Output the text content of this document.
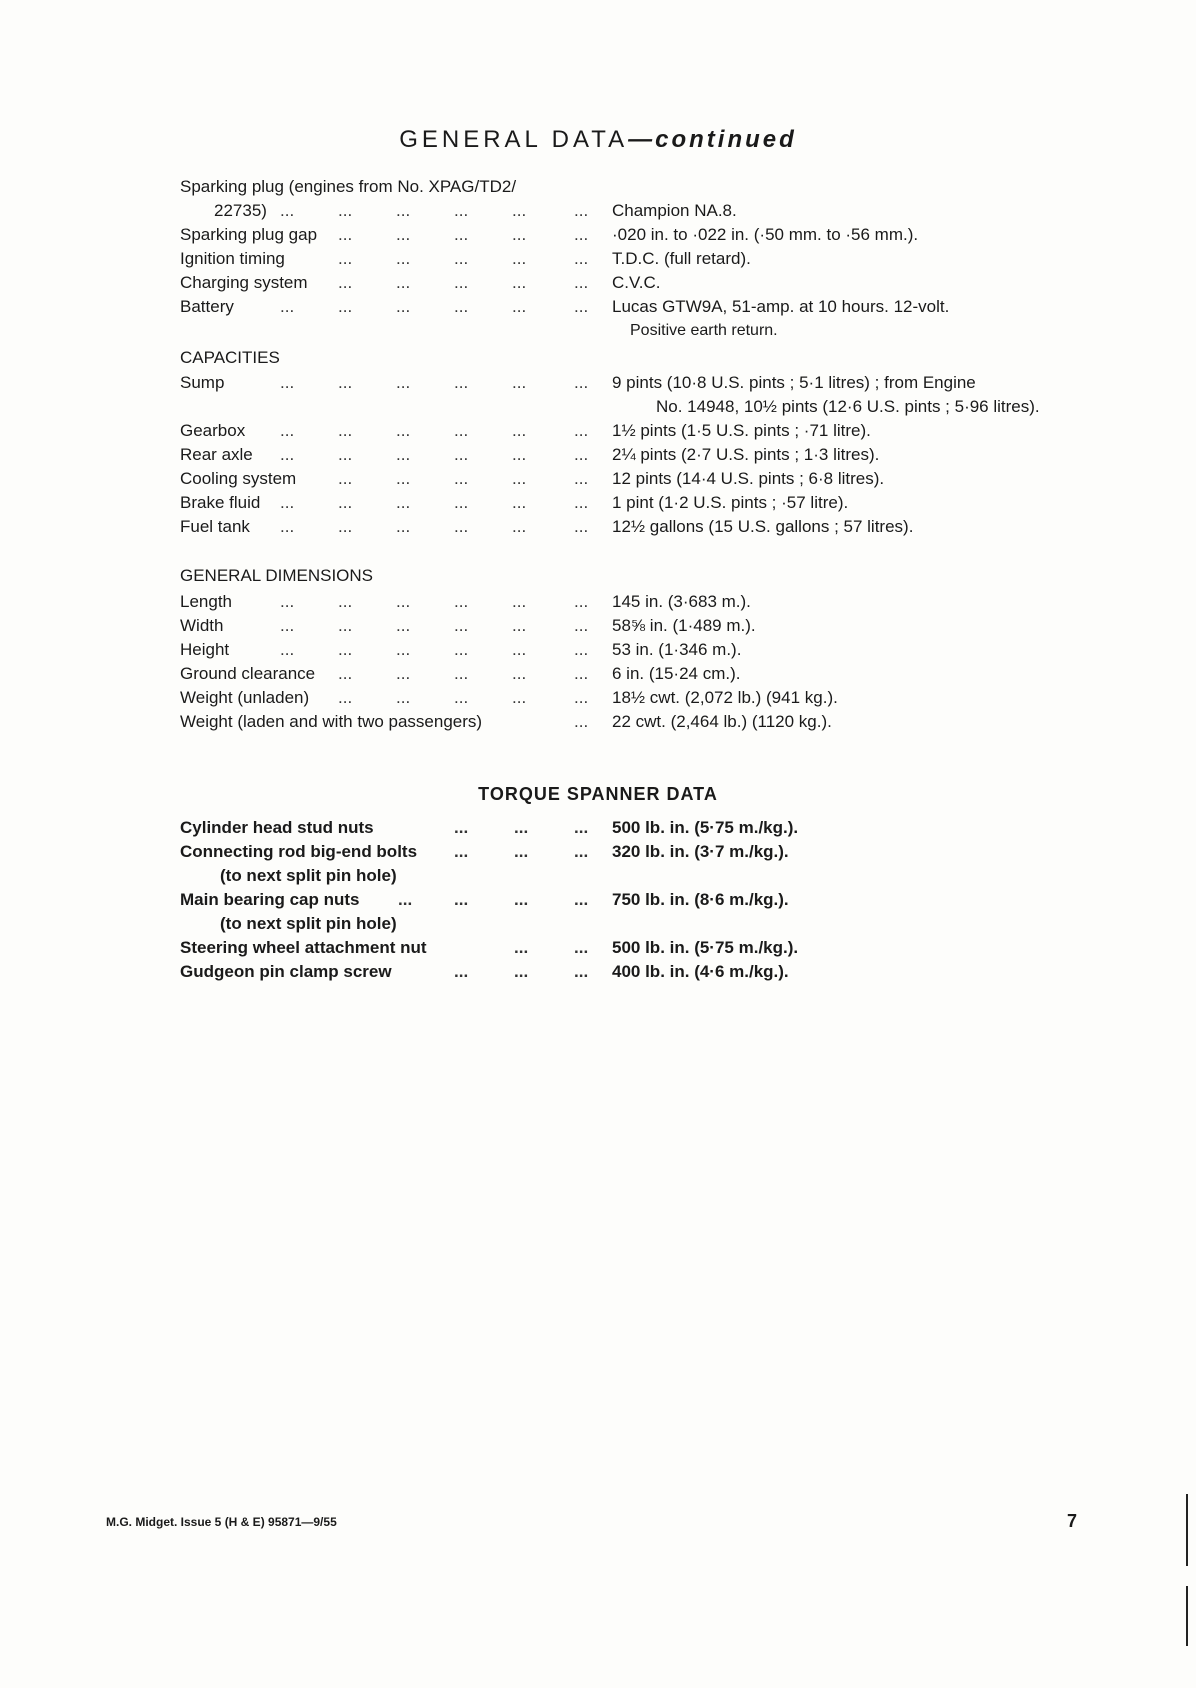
GENERAL DATA—continued
Sparking plug (engines from No. XPAG/TD2/
22735) ...	...	...	...	...	... Champion NA.8.
Sparking plug gap ...	...	...	...	... ·020 in. to ·022 in. (·50 mm. to ·56 mm.).
Ignition timing	...	...	...	...	... T.D.C. (full retard).
Charging system ...	...	...	...	... C.V.C.
Battery	...	...	...	...	...	... Lucas GTW9A, 51-amp. at 10 hours. 12-volt.
Positive earth return.
CAPACITIES
Sump	...	...	...	...	...	... 9 pints (10·8 U.S. pints ; 5·1 litres) ; from Engine
No. 14948, 10½ pints (12·6 U.S. pints ; 5·96 litres).
Gearbox ...	...	...	...	...	... 1½ pints (1·5 U.S. pints ; ·71 litre).
Rear axle ...	...	...	...	...	... 2¼ pints (2·7 U.S. pints ; 1·3 litres).
Cooling system ...	...	...	...	... 12 pints (14·4 U.S. pints ; 6·8 litres).
Brake fluid ...	...	...	...	...	... 1 pint (1·2 U.S. pints ; ·57 litre).
Fuel tank ...	...	...	...	...	... 12½ gallons (15 U.S. gallons ; 57 litres).
GENERAL DIMENSIONS
Length	...	...	...	...	...	... 145 in. (3·683 m.).
Width	...	...	...	...	...	... 58⅝ in. (1·489 m.).
Height	...	...	...	...	...	... 53 in. (1·346 m.).
Ground clearance ...	...	...	...	... 6 in. (15·24 cm.).
Weight (unladen) ...	...	...	...	... 18½ cwt. (2,072 lb.) (941 kg.).
Weight (laden and with two passengers)	... 22 cwt. (2,464 lb.) (1120 kg.).
TORQUE SPANNER DATA
Cylinder head stud nuts	...	...	... 500 lb. in. (5·75 m./kg.).
Connecting rod big-end bolts ...	...	... 320 lb. in. (3·7 m./kg.).
(to next split pin hole)
Main bearing cap nuts ... ...	...	... 750 lb. in. (8·6 m./kg.).
(to next split pin hole)
Steering wheel attachment nut	...	... 500 lb. in. (5·75 m./kg.).
Gudgeon pin clamp screw	...	...	... 400 lb. in. (4·6 m./kg.).
M.G. Midget. Issue 5 (H & E) 95871—9/55	7
